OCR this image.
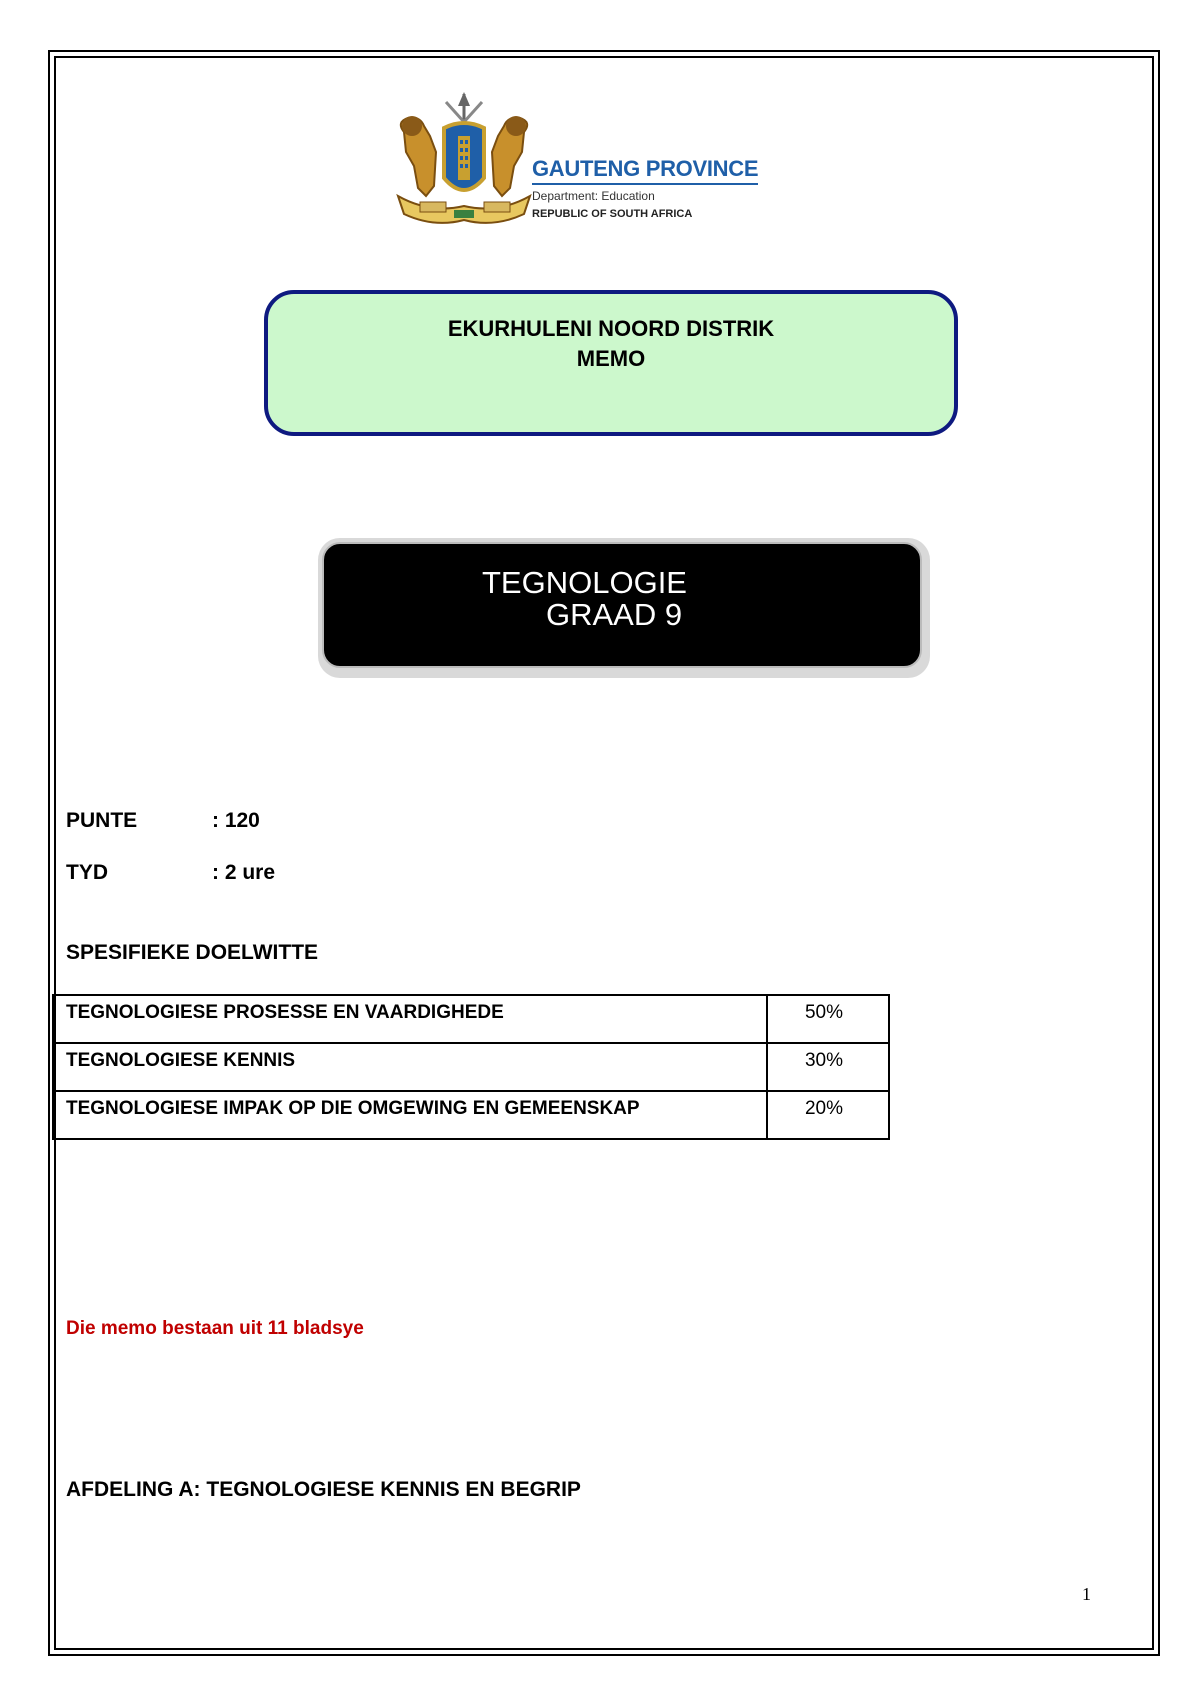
GAUTENG PROVINCE
Department: Education
REPUBLIC OF SOUTH AFRICA
EKURHULENI NOORD DISTRIK
MEMO
TEGNOLOGIE
GRAAD 9
PUNTE	: 120
TYD	: 2 ure
SPESIFIEKE DOELWITTE
TEGNOLOGIESE PROSESSE EN VAARDIGHEDE	50%
TEGNOLOGIESE KENNIS	30%
TEGNOLOGIESE IMPAK OP DIE OMGEWING EN GEMEENSKAP	20%
Die memo bestaan uit 11 bladsye
AFDELING A: TEGNOLOGIESE KENNIS EN BEGRIP
1
